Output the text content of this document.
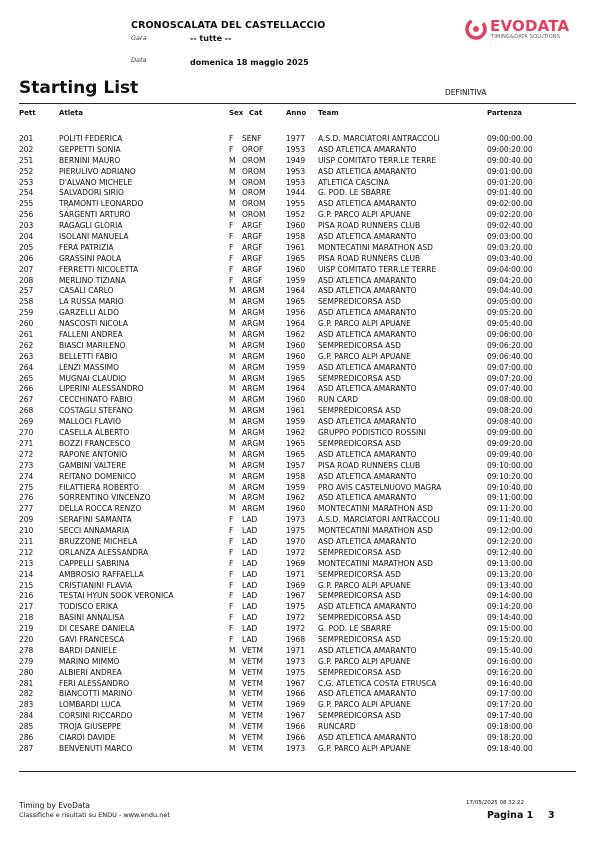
CRONOSCALATA DEL CASTELLACCIO
Gara	-- tutte --
Data	domenica 18 maggio 2025
EVODATA
TIMING&DATA SOLUTIONS
Starting List	DEFINITIVA
Pett	Atleta	Sex Cat	Anno Team	Partenza
201	POLITI FEDERICA	F SENF	1977 A.S.D. MARCIATORI ANTRACCOLI	09:00:00.00
202	GEPPETTI SONIA	F OROF	1953 ASD ATLETICA AMARANTO	09:00:20.00
251	BERNINI MAURO	M OROM	1949 UISP COMITATO TERR.LE TERRE	09:00:40.00
252	PIERULIVO ADRIANO	M OROM	1953 ASD ATLETICA AMARANTO	09:01:00.00
253	D'ALVANO MICHELE	M OROM	1953 ATLETICA CASCINA	09:01:20.00
254	SALVADORI SIRIO	M OROM	1944 G. POD. LE SBARRE	09:01:40.00
255	TRAMONTI LEONARDO	M OROM	1955 ASD ATLETICA AMARANTO	09:02:00.00
256	SARGENTI ARTURO	M OROM	1952 G.P. PARCO ALPI APUANE	09:02:20.00
203	RAGAGLI GLORIA	F ARGF	1960 PISA ROAD RUNNERS CLUB	09:02:40.00
204	ISOLANI MANUELA	F ARGF	1958 ASD ATLETICA AMARANTO	09:03:00.00
205	FERA PATRIZIA	F ARGF	1961 MONTECATINI MARATHON ASD	09:03:20.00
206	GRASSINI PAOLA	F ARGF	1965 PISA ROAD RUNNERS CLUB	09:03:40.00
207	FERRETTI NICOLETTA	F ARGF	1960 UISP COMITATO TERR.LE TERRE	09:04:00.00
208	MERLINO TIZIANA	F ARGF	1959 ASD ATLETICA AMARANTO	09:04:20.00
257	CASALI CARLO	M ARGM	1964 ASD ATLETICA AMARANTO	09:04:40.00
258	LA RUSSA MARIO	M ARGM	1965 SEMPREDICORSA ASD	09:05:00.00
259	GARZELLI ALDO	M ARGM	1956 ASD ATLETICA AMARANTO	09:05:20.00
260	NASCOSTI NICOLA	M ARGM	1964 G.P. PARCO ALPI APUANE	09:05:40.00
261	FALLENI ANDREA	M ARGM	1962 ASD ATLETICA AMARANTO	09:06:00.00
262	BIASCI MARILENO	M ARGM	1960 SEMPREDICORSA ASD	09:06:20.00
263	BELLETTI FABIO	M ARGM	1960 G.P. PARCO ALPI APUANE	09:06:40.00
264	LENZI MASSIMO	M ARGM	1959 ASD ATLETICA AMARANTO	09:07:00.00
265	MUGNAI CLAUDIO	M ARGM	1965 SEMPREDICORSA ASD	09:07:20.00
266	LIPERINI ALESSANDRO	M ARGM	1964 ASD ATLETICA AMARANTO	09:07:40.00
267	CECCHINATO FABIO	M ARGM	1960 RUN CARD	09:08:00.00
268	COSTAGLI STEFANO	M ARGM	1961 SEMPREDICORSA ASD	09:08:20.00
269	MALLOCI FLAVIO	M ARGM	1959 ASD ATLETICA AMARANTO	09:08:40.00
270	CASELLA ALBERTO	M ARGM	1962 GRUPPO PODISTICO ROSSINI	09:09:00.00
271	BOZZI FRANCESCO	M ARGM	1965 SEMPREDICORSA ASD	09:09:20.00
272	RAPONE ANTONIO	M ARGM	1965 ASD ATLETICA AMARANTO	09:09:40.00
273	GAMBINI VALTERE	M ARGM	1957 PISA ROAD RUNNERS CLUB	09:10:00.00
274	REITANO DOMENICO	M ARGM	1958 ASD ATLETICA AMARANTO	09:10:20.00
275	FILATTIERA ROBERTO	M ARGM	1959 PRO AVIS CASTELNUOVO MAGRA	09:10:40.00
276	SORRENTINO VINCENZO	M ARGM	1962 ASD ATLETICA AMARANTO	09:11:00.00
277	DELLA ROCCA RENZO	M ARGM	1960 MONTECATINI MARATHON ASD	09:11:20.00
209	SERAFINI SAMANTA	F LAD	1973 A.S.D. MARCIATORI ANTRACCOLI	09:11:40.00
210	SECCI ANNAMARIA	F LAD	1975 MONTECATINI MARATHON ASD	09:12:00.00
211	BRUZZONE MICHELA	F LAD	1970 ASD ATLETICA AMARANTO	09:12:20.00
212	ORLANZA ALESSANDRA	F LAD	1972 SEMPREDICORSA ASD	09:12:40.00
213	CAPPELLI SABRINA	F LAD	1969 MONTECATINI MARATHON ASD	09:13:00.00
214	AMBROSIO RAFFAELLA	F LAD	1971 SEMPREDICORSA ASD	09:13:20.00
215	CRISTIANINI FLAVIA	F LAD	1969 G.P. PARCO ALPI APUANE	09:13:40.00
216	TESTAI HYUN SOOK VERONICA	F LAD	1967 SEMPREDICORSA ASD	09:14:00.00
217	TODISCO ERIKA	F LAD	1975 ASD ATLETICA AMARANTO	09:14:20.00
218	BASINI ANNALISA	F LAD	1972 SEMPREDICORSA ASD	09:14:40.00
219	DI CESARE DANIELA	F LAD	1972 G. POD. LE SBARRE	09:15:00.00
220	GAVI FRANCESCA	F LAD	1968 SEMPREDICORSA ASD	09:15:20.00
278	BARDI DANIELE	M VETM	1971 ASD ATLETICA AMARANTO	09:15:40.00
279	MARINO MIMMO	M VETM	1973 G.P. PARCO ALPI APUANE	09:16:00.00
280	ALBIERI ANDREA	M VETM	1975 SEMPREDICORSA ASD	09:16:20.00
281	FERI ALESSANDRO	M VETM	1967 C.G. ATLETICA COSTA ETRUSCA	09:16:40.00
282	BIANCOTTI MARINO	M VETM	1966 ASD ATLETICA AMARANTO	09:17:00.00
283	LOMBARDI LUCA	M VETM	1969 G.P. PARCO ALPI APUANE	09:17:20.00
284	CORSINI RICCARDO	M VETM	1967 SEMPREDICORSA ASD	09:17:40.00
285	TROJA GIUSEPPE	M VETM	1966 RUNCARD	09:18:00.00
286	CIARDI DAVIDE	M VETM	1966 ASD ATLETICA AMARANTO	09:18:20.00
287	BENVENUTI MARCO	M VETM	1973 G.P. PARCO ALPI APUANE	09:18:40.00
Timing by EvoData
Classifiche e risultati su ENDU - www.endu.net
17/05/2025 08.32.22
Pagina 1 3
